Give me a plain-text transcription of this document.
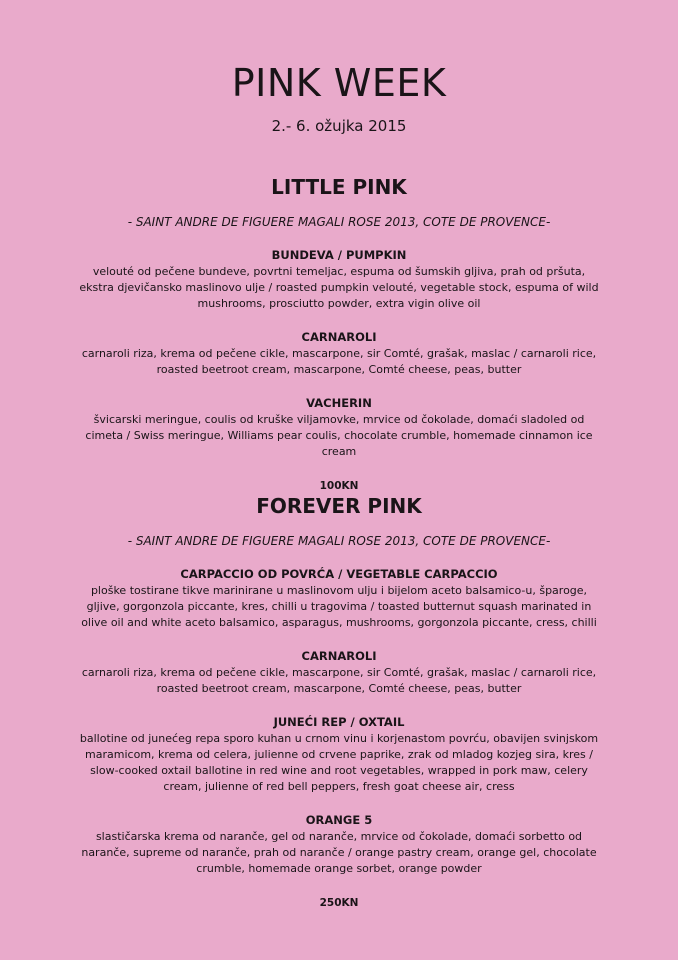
PINK WEEK
2.- 6. ožujka 2015
LITTLE PINK
- SAINT ANDRE DE FIGUERE MAGALI ROSE 2013, COTE DE PROVENCE-
BUNDEVA / PUMPKIN
velouté od pečene bundeve, povrtni temeljac, espuma od šumskih gljiva, prah od pršuta, ekstra djevičansko maslinovo ulje / roasted pumpkin velouté, vegetable stock, espuma of wild mushrooms, prosciutto powder, extra vigin olive oil
CARNAROLI
carnaroli riza, krema od pečene cikle, mascarpone, sir Comté, grašak, maslac / carnaroli rice, roasted beetroot cream, mascarpone, Comté cheese, peas, butter
VACHERIN
švicarski meringue, coulis od kruške viljamovke, mrvice od čokolade, domaći sladoled od cimeta / Swiss meringue, Williams pear coulis, chocolate crumble, homemade cinnamon ice cream
100KN
FOREVER PINK
- SAINT ANDRE DE FIGUERE MAGALI ROSE 2013, COTE DE PROVENCE-
CARPACCIO OD POVRĆA / VEGETABLE CARPACCIO
ploške tostirane tikve marinirane u maslinovom ulju i bijelom aceto balsamico-u, šparoge, gljive, gorgonzola piccante, kres, chilli u tragovima / toasted butternut squash marinated in olive oil and white aceto balsamico, asparagus, mushrooms, gorgonzola piccante, cress, chilli
CARNAROLI
carnaroli riza, krema od pečene cikle, mascarpone, sir Comté, grašak, maslac / carnaroli rice, roasted beetroot cream, mascarpone, Comté cheese, peas, butter
JUNEĆI REP / OXTAIL
ballotine od junećeg repa sporo kuhan u crnom vinu i korjenastom povrću, obavijen svinjskom maramicom, krema od celera, julienne od crvene paprike, zrak od mladog kozjeg sira, kres / slow-cooked oxtail ballotine in red wine and root vegetables, wrapped in pork maw, celery cream, julienne of red bell peppers, fresh goat cheese air, cress
ORANGE 5
slastičarska krema od naranče, gel od naranče, mrvice od čokolade, domaći sorbetto od naranče, supreme od naranče, prah od naranče / orange pastry cream, orange gel, chocolate crumble, homemade orange sorbet, orange powder
250KN
